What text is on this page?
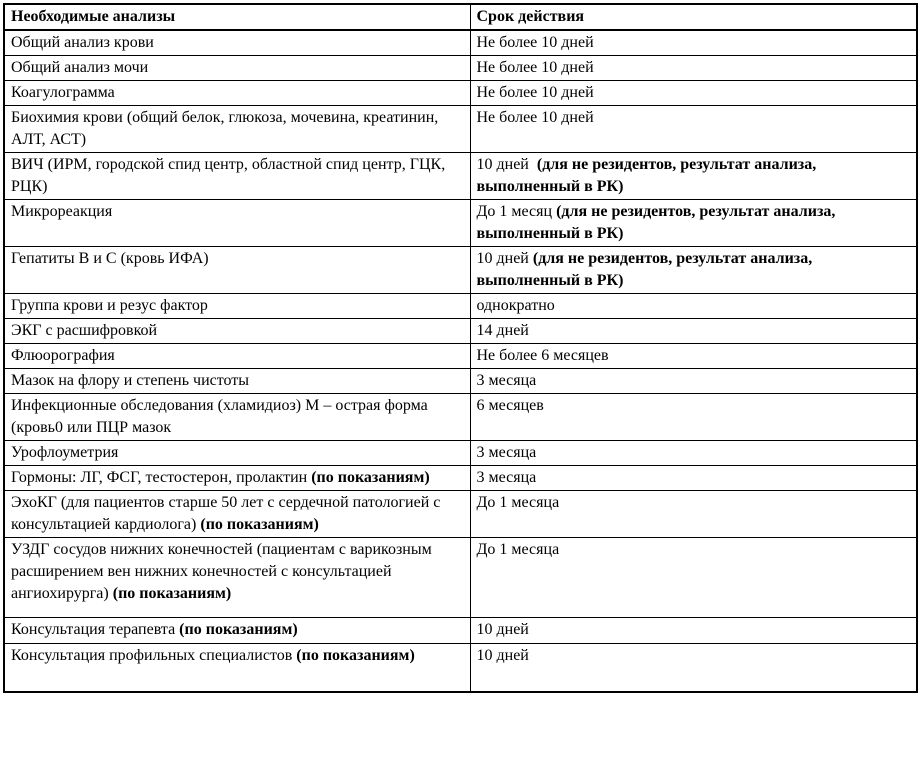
Необходимые анализы	Срок действия
Общий анализ крови	Не более 10 дней
Общий анализ мочи	Не более 10 дней
Коагулограмма	Не более 10 дней
Биохимия крови (общий белок, глюкоза, мочевина, креатинин, АЛТ, АСТ)	Не более 10 дней
ВИЧ (ИРМ, городской спид центр, областной спид центр, ГЦК, РЦК)	10 дней  (для не резидентов, результат анализа, выполненный в РК)
Микрореакция	До 1 месяц (для не резидентов, результат анализа, выполненный в РК)
Гепатиты В и С (кровь ИФА)	10 дней (для не резидентов, результат анализа, выполненный в РК)
Группа крови и резус фактор	однократно
ЭКГ с расшифровкой	14 дней
Флюорография	Не более 6 месяцев
Мазок на флору и степень чистоты	3 месяца
Инфекционные обследования (хламидиоз) М – острая форма (кровь0 или ПЦР мазок	6 месяцев
Урофлоуметрия	3 месяца
Гормоны: ЛГ, ФСГ, тестостерон, пролактин (по показаниям)	3 месяца
ЭхоКГ (для пациентов старше 50 лет с сердечной патологией с консультацией кардиолога) (по показаниям)	До 1 месяца
УЗДГ сосудов нижних конечностей (пациентам с варикозным расширением вен нижних конечностей с консультацией ангиохирурга) (по показаниям)	До 1 месяца
Консультация терапевта (по показаниям)	10 дней
Консультация профильных специалистов (по показаниям)	10 дней
